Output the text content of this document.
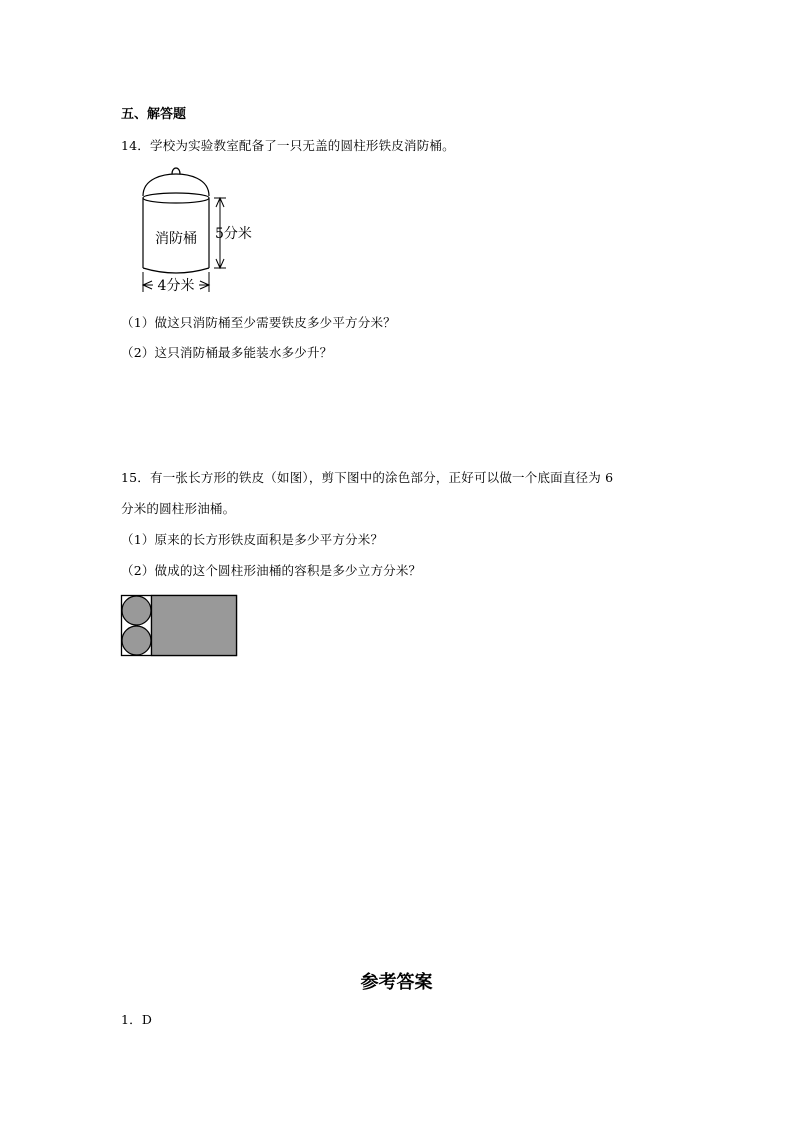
五、解答题
14．学校为实验教室配备了一只无盖的圆柱形铁皮消防桶。
消防桶 5分米
4分米
（1）做这只消防桶至少需要铁皮多少平方分米？
（2）这只消防桶最多能装水多少升？
15．有一张长方形的铁皮（如图），剪下图中的涂色部分，正好可以做一个底面直径为 6
分米的圆柱形油桶。
（1）原来的长方形铁皮面积是多少平方分米？
（2）做成的这个圆柱形油桶的容积是多少立方分米？
参考答案
1．D
